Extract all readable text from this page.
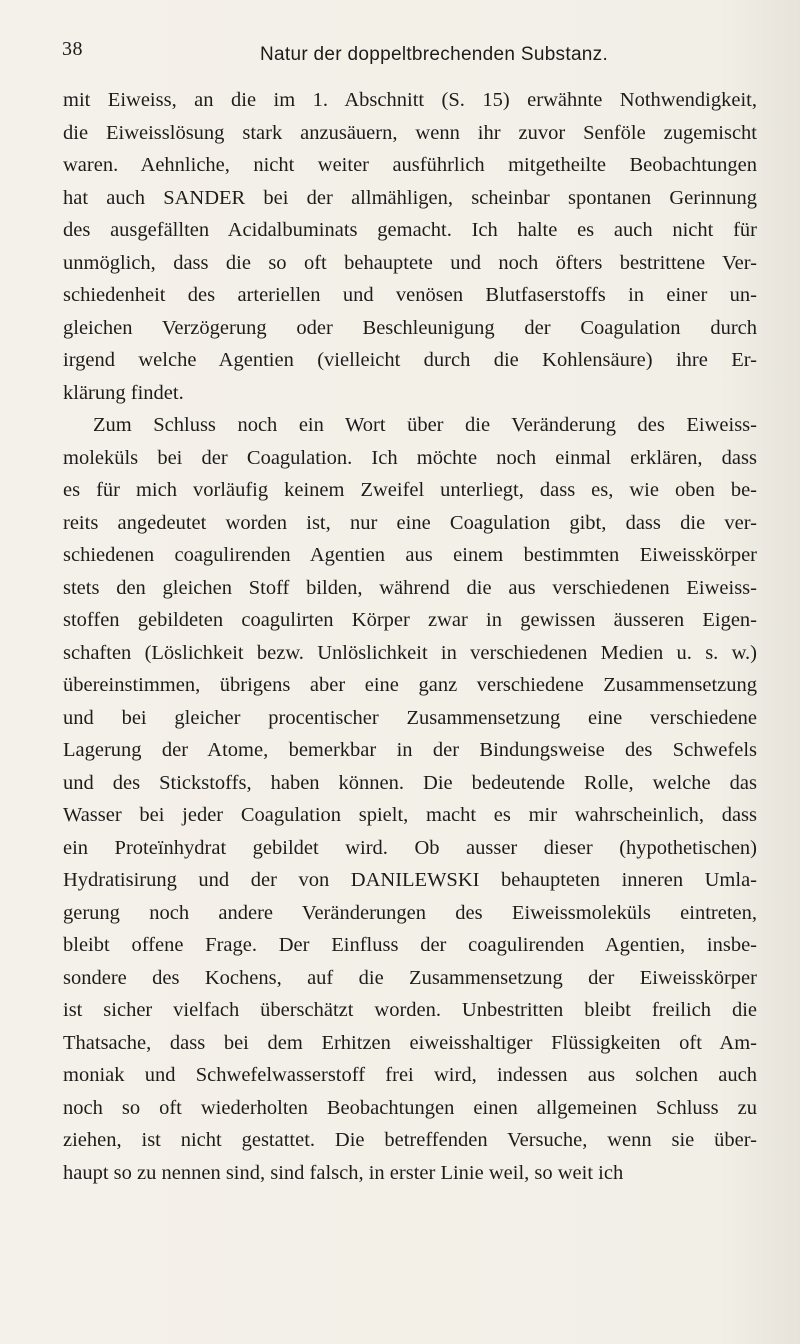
38	Natur der doppeltbrechenden Substanz.
mit Eiweiss, an die im 1. Abschnitt (S. 15) erwähnte Nothwendigkeit,
die Eiweisslösung stark anzusäuern, wenn ihr zuvor Senföle zugemischt
waren. Aehnliche, nicht weiter ausführlich mitgetheilte Beobachtungen
hat auch SANDER bei der allmähligen, scheinbar spontanen Gerinnung
des ausgefällten Acidalbuminats gemacht. Ich halte es auch nicht für
unmöglich, dass die so oft behauptete und noch öfters bestrittene Ver-
schiedenheit des arteriellen und venösen Blutfaserstoffs in einer un-
gleichen Verzögerung oder Beschleunigung der Coagulation durch
irgend welche Agentien (vielleicht durch die Kohlensäure) ihre Er-
klärung findet.
Zum Schluss noch ein Wort über die Veränderung des Eiweiss-
moleküls bei der Coagulation. Ich möchte noch einmal erklären, dass
es für mich vorläufig keinem Zweifel unterliegt, dass es, wie oben be-
reits angedeutet worden ist, nur eine Coagulation gibt, dass die ver-
schiedenen coagulirenden Agentien aus einem bestimmten Eiweisskörper
stets den gleichen Stoff bilden, während die aus verschiedenen Eiweiss-
stoffen gebildeten coagulirten Körper zwar in gewissen äusseren Eigen-
schaften (Löslichkeit bezw. Unlöslichkeit in verschiedenen Medien u. s. w.)
übereinstimmen, übrigens aber eine ganz verschiedene Zusammensetzung
und bei gleicher procentischer Zusammensetzung eine verschiedene
Lagerung der Atome, bemerkbar in der Bindungsweise des Schwefels
und des Stickstoffs, haben können. Die bedeutende Rolle, welche das
Wasser bei jeder Coagulation spielt, macht es mir wahrscheinlich, dass
ein Proteïnhydrat gebildet wird. Ob ausser dieser (hypothetischen)
Hydratisirung und der von DANILEWSKI behaupteten inneren Umla-
gerung noch andere Veränderungen des Eiweissmoleküls eintreten,
bleibt offene Frage. Der Einfluss der coagulirenden Agentien, insbe-
sondere des Kochens, auf die Zusammensetzung der Eiweisskörper
ist sicher vielfach überschätzt worden. Unbestritten bleibt freilich die
Thatsache, dass bei dem Erhitzen eiweisshaltiger Flüssigkeiten oft Am-
moniak und Schwefelwasserstoff frei wird, indessen aus solchen auch
noch so oft wiederholten Beobachtungen einen allgemeinen Schluss zu
ziehen, ist nicht gestattet. Die betreffenden Versuche, wenn sie über-
haupt so zu nennen sind, sind falsch, in erster Linie weil, so weit ich
